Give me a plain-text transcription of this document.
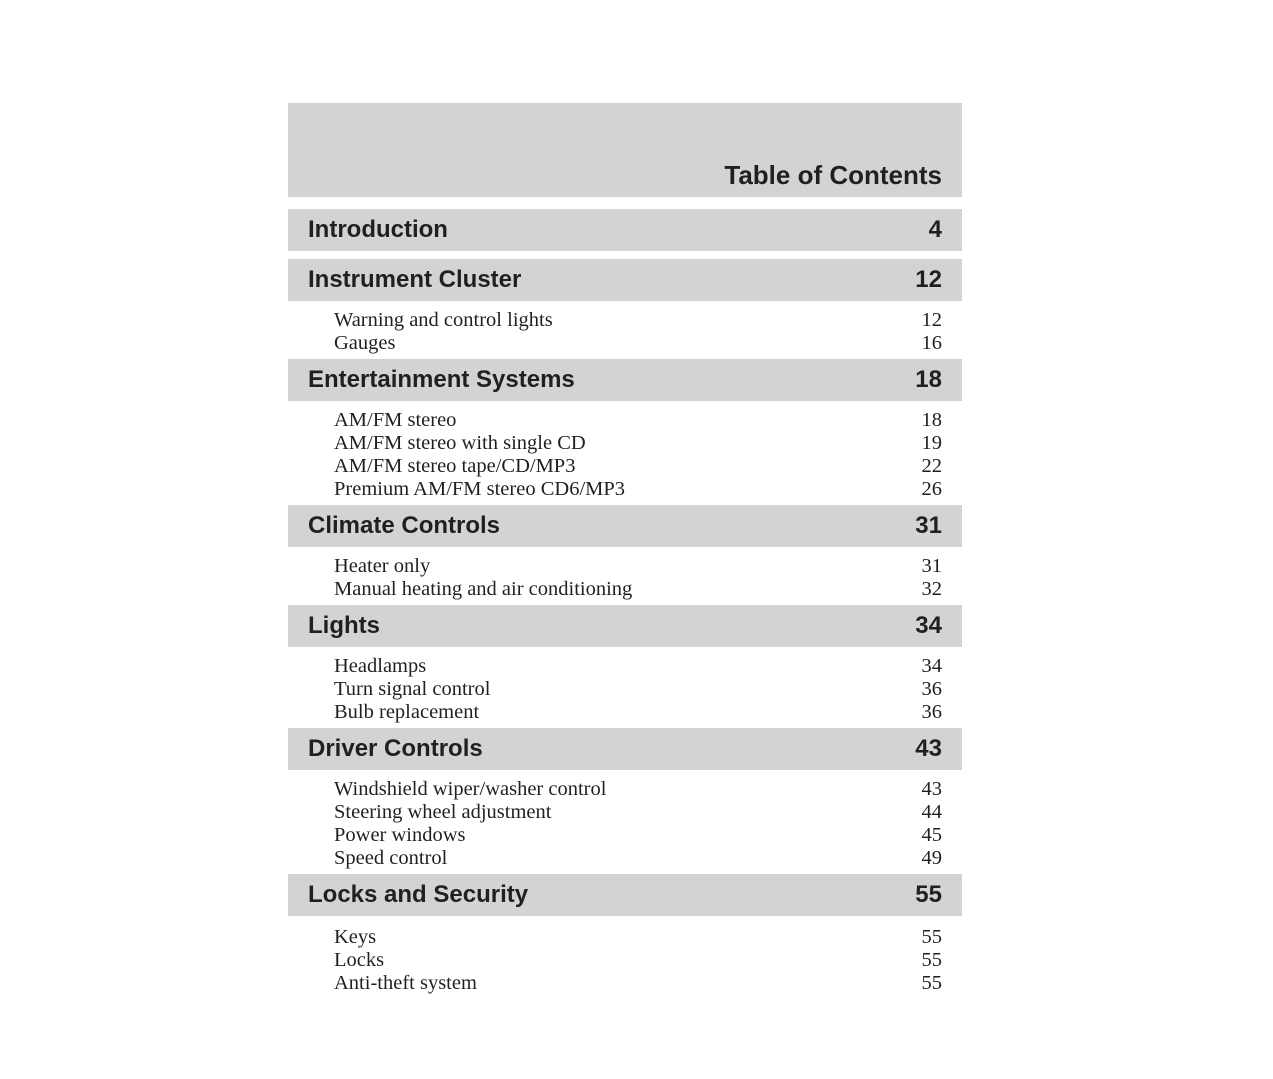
Table of Contents
Introduction	4
Instrument Cluster	12
Warning and control lights	12
Gauges	16
Entertainment Systems	18
AM/FM stereo	18
AM/FM stereo with single CD	19
AM/FM stereo tape/CD/MP3	22
Premium AM/FM stereo CD6/MP3	26
Climate Controls	31
Heater only	31
Manual heating and air conditioning	32
Lights	34
Headlamps	34
Turn signal control	36
Bulb replacement	36
Driver Controls	43
Windshield wiper/washer control	43
Steering wheel adjustment	44
Power windows	45
Speed control	49
Locks and Security	55
Keys	55
Locks	55
Anti-theft system	55
